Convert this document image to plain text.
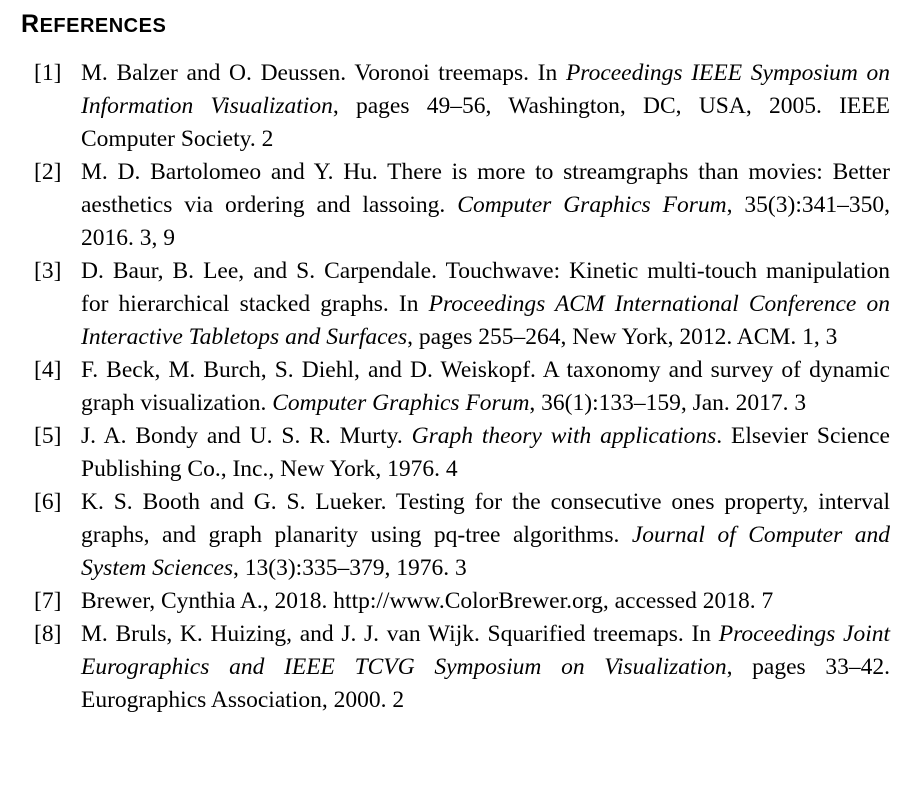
REFERENCES
[1] M. Balzer and O. Deussen. Voronoi treemaps. In Proceedings IEEE Symposium on Information Visualization, pages 49–56, Washington, DC, USA, 2005. IEEE Computer Society. 2
[2] M. D. Bartolomeo and Y. Hu. There is more to streamgraphs than movies: Better aesthetics via ordering and lassoing. Computer Graphics Forum, 35(3):341–350, 2016. 3, 9
[3] D. Baur, B. Lee, and S. Carpendale. Touchwave: Kinetic multi-touch manipulation for hierarchical stacked graphs. In Proceedings ACM International Conference on Interactive Tabletops and Surfaces, pages 255–264, New York, 2012. ACM. 1, 3
[4] F. Beck, M. Burch, S. Diehl, and D. Weiskopf. A taxonomy and survey of dynamic graph visualization. Computer Graphics Forum, 36(1):133–159, Jan. 2017. 3
[5] J. A. Bondy and U. S. R. Murty. Graph theory with applications. Elsevier Science Publishing Co., Inc., New York, 1976. 4
[6] K. S. Booth and G. S. Lueker. Testing for the consecutive ones property, interval graphs, and graph planarity using pq-tree algorithms. Journal of Computer and System Sciences, 13(3):335–379, 1976. 3
[7] Brewer, Cynthia A., 2018. http://www.ColorBrewer.org, accessed 2018. 7
[8] M. Bruls, K. Huizing, and J. J. van Wijk. Squarified treemaps. In Proceedings Joint Eurographics and IEEE TCVG Symposium on Visualization, pages 33–42. Eurographics Association, 2000. 2
